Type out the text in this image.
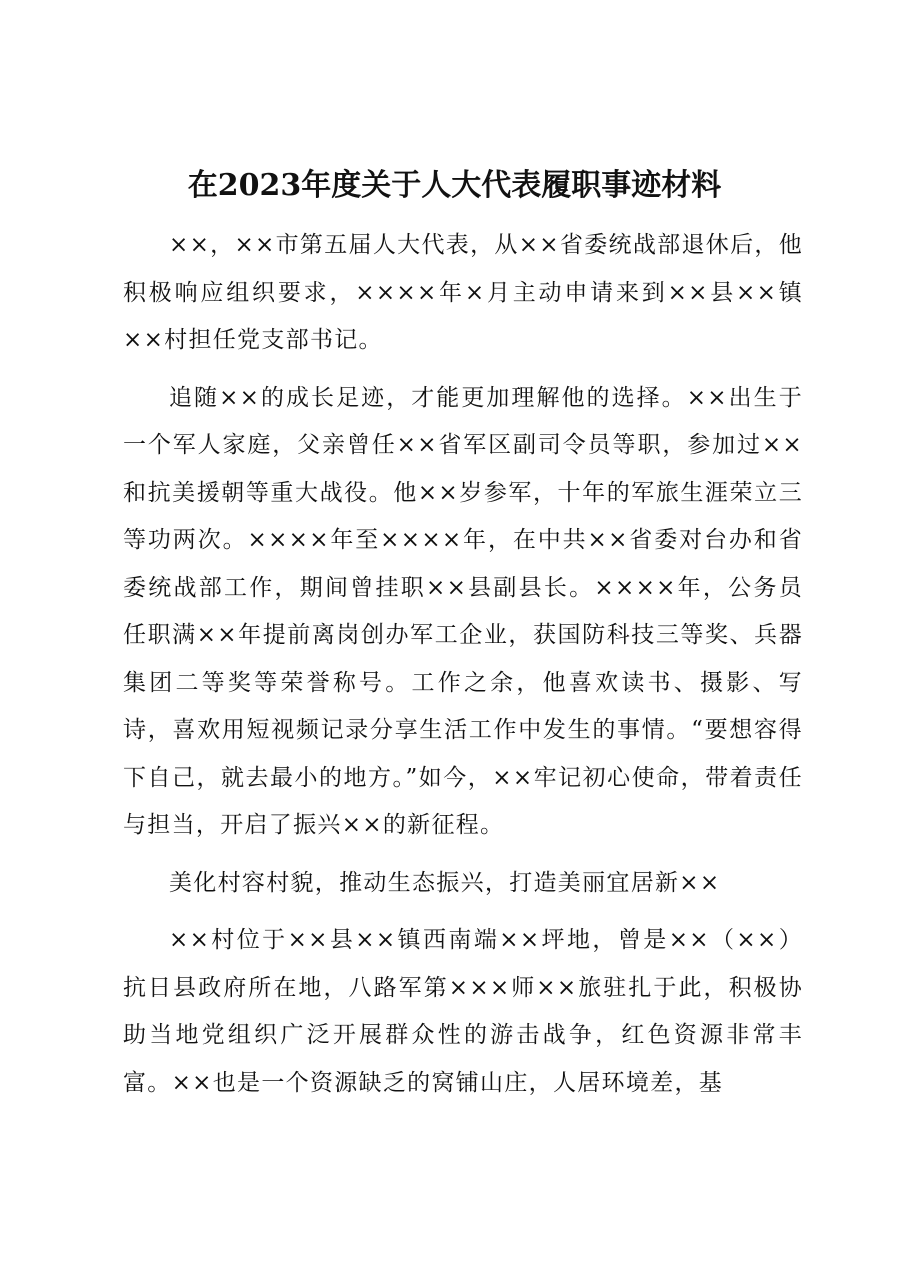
在2023年度关于人大代表履职事迹材料

××，××市第五届人大代表，从××省委统战部退休后，他积极响应组织要求，××××年×月主动申请来到××县××镇××村担任党支部书记。

追随××的成长足迹，才能更加理解他的选择。××出生于一个军人家庭，父亲曾任××省军区副司令员等职，参加过××和抗美援朝等重大战役。他××岁参军，十年的军旅生涯荣立三等功两次。××××年至××××年，在中共××省委对台办和省委统战部工作，期间曾挂职××县副县长。××××年，公务员任职满××年提前离岗创办军工企业，获国防科技三等奖、兵器集团二等奖等荣誉称号。工作之余，他喜欢读书、摄影、写诗，喜欢用短视频记录分享生活工作中发生的事情。“要想容得下自己，就去最小的地方。”如今，××牢记初心使命，带着责任与担当，开启了振兴××的新征程。

美化村容村貌，推动生态振兴，打造美丽宜居新××

××村位于××县××镇西南端××坪地，曾是××（××）抗日县政府所在地，八路军第×××师××旅驻扎于此，积极协助当地党组织广泛开展群众性的游击战争，红色资源非常丰富。××也是一个资源缺乏的窝铺山庄，人居环境差，基
